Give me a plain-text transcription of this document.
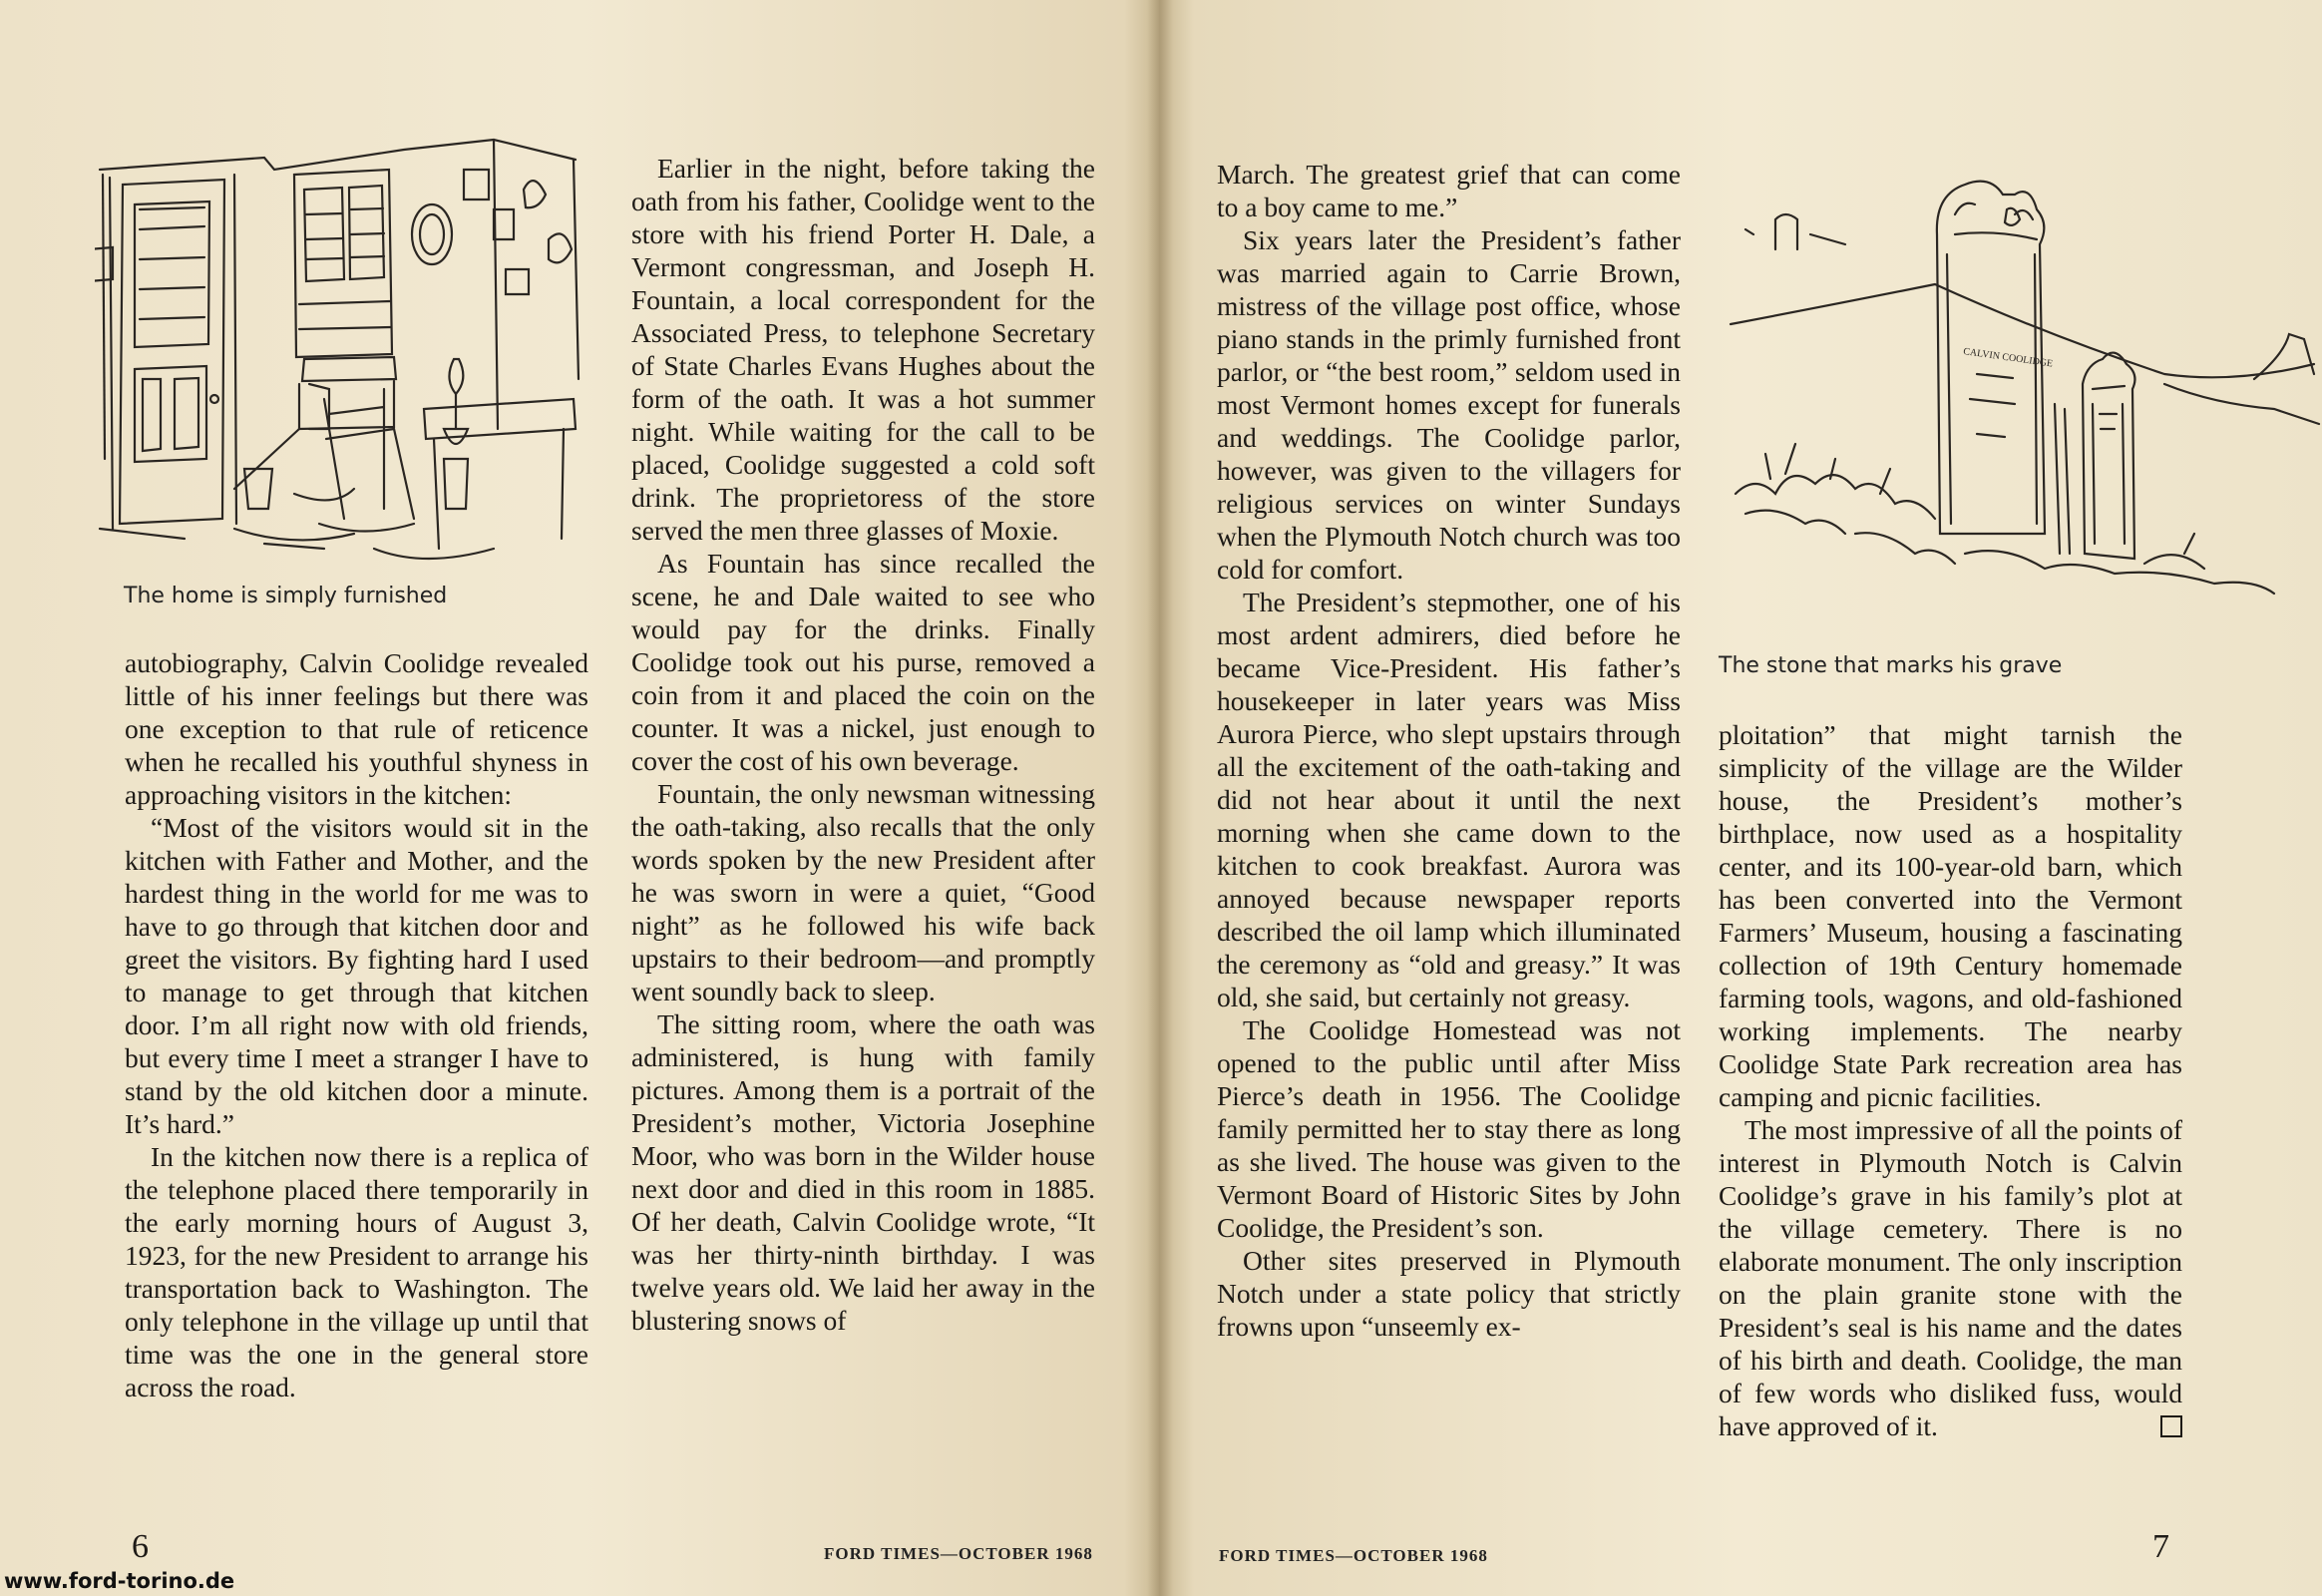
The home is simply furnished

autobiography, Calvin Coolidge revealed little of his inner feelings but there was one exception to that rule of reticence when he recalled his youthful shyness in approaching visitors in the kitchen:

“Most of the visitors would sit in the kitchen with Father and Mother, and the hardest thing in the world for me was to have to go through that kitchen door and greet the visitors. By fighting hard I used to manage to get through that kitchen door. I’m all right now with old friends, but every time I meet a stranger I have to stand by the old kitchen door a minute. It’s hard.”

In the kitchen now there is a replica of the telephone placed there temporarily in the early morning hours of August 3, 1923, for the new President to arrange his transportation back to Washington. The only telephone in the village up until that time was the one in the general store across the road.

Earlier in the night, before taking the oath from his father, Coolidge went to the store with his friend Porter H. Dale, a Vermont congressman, and Joseph H. Fountain, a local correspondent for the Associated Press, to telephone Secretary of State Charles Evans Hughes about the form of the oath. It was a hot summer night. While waiting for the call to be placed, Coolidge suggested a cold soft drink. The proprietoress of the store served the men three glasses of Moxie.

As Fountain has since recalled the scene, he and Dale waited to see who would pay for the drinks. Finally Coolidge took out his purse, removed a coin from it and placed the coin on the counter. It was a nickel, just enough to cover the cost of his own beverage.

Fountain, the only newsman witnessing the oath-taking, also recalls that the only words spoken by the new President after he was sworn in were a quiet, “Good night” as he followed his wife back upstairs to their bedroom—and promptly went soundly back to sleep.

The sitting room, where the oath was administered, is hung with family pictures. Among them is a portrait of the President’s mother, Victoria Josephine Moor, who was born in the Wilder house next door and died in this room in 1885. Of her death, Calvin Coolidge wrote, “It was her thirty-ninth birthday. I was twelve years old. We laid her away in the blustering snows of

6	FORD TIMES—OCTOBER 1968

March. The greatest grief that can come to a boy came to me.”

Six years later the President’s father was married again to Carrie Brown, mistress of the village post office, whose piano stands in the primly furnished front parlor, or “the best room,” seldom used in most Vermont homes except for funerals and weddings. The Coolidge parlor, however, was given to the villagers for religious services on winter Sundays when the Plymouth Notch church was too cold for comfort.

The President’s stepmother, one of his most ardent admirers, died before he became Vice-President. His father’s housekeeper in later years was Miss Aurora Pierce, who slept upstairs through all the excitement of the oath-taking and did not hear about it until the next morning when she came down to the kitchen to cook breakfast. Aurora was annoyed because newspaper reports described the oil lamp which illuminated the ceremony as “old and greasy.” It was old, she said, but certainly not greasy.

The Coolidge Homestead was not opened to the public until after Miss Pierce’s death in 1956. The Coolidge family permitted her to stay there as long as she lived. The house was given to the Vermont Board of Historic Sites by John Coolidge, the President’s son.

Other sites preserved in Plymouth Notch under a state policy that strictly frowns upon “unseemly ex-

CALVIN COOLIDGE
The stone that marks his grave

ploitation” that might tarnish the simplicity of the village are the Wilder house, the President’s mother’s birthplace, now used as a hospitality center, and its 100-year-old barn, which has been converted into the Vermont Farmers’ Museum, housing a fascinating collection of 19th Century homemade farming tools, wagons, and old-fashioned working implements. The nearby Coolidge State Park recreation area has camping and picnic facilities.

The most impressive of all the points of interest in Plymouth Notch is Calvin Coolidge’s grave in his family’s plot at the village cemetery. There is no elaborate monument. The only inscription on the plain granite stone with the President’s seal is his name and the dates of his birth and death. Coolidge, the man of few words who disliked fuss, would have approved of it.

FORD TIMES—OCTOBER 1968	7
www.ford-torino.de
